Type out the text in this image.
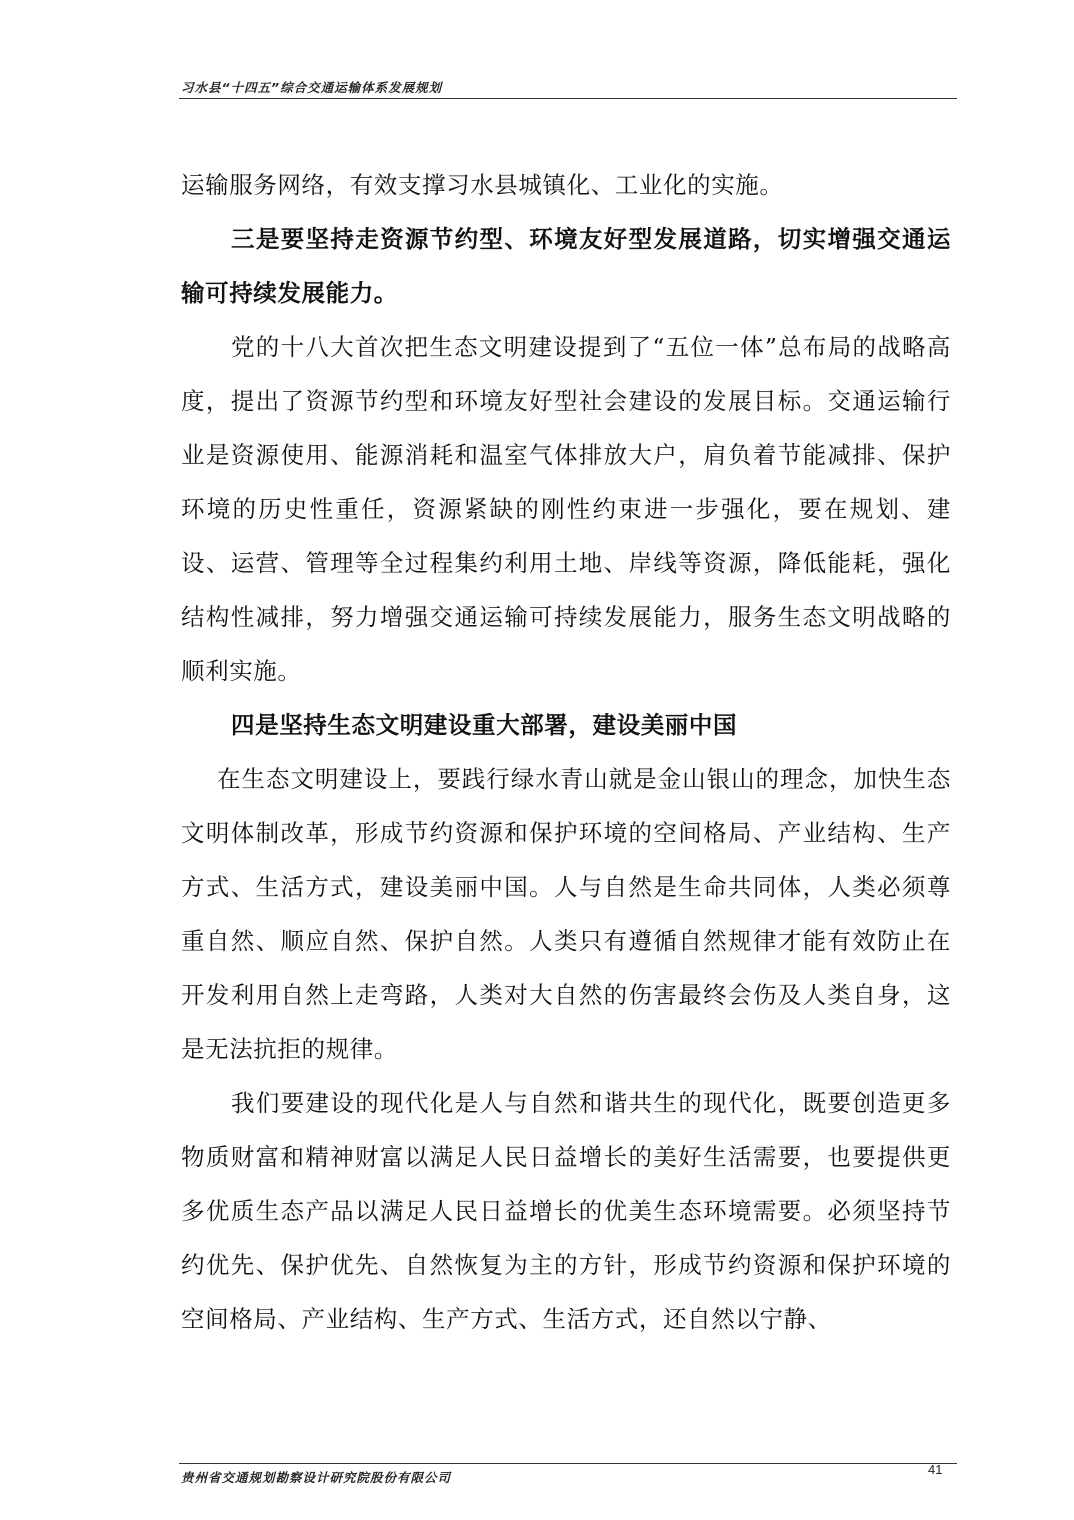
习水县“十四五”综合交通运输体系发展规划

运输服务网络，有效支撑习水县城镇化、工业化的实施。

三是要坚持走资源节约型、环境友好型发展道路，切实增强交通运输可持续发展能力。

党的十八大首次把生态文明建设提到了“五位一体”总布局的战略高度，提出了资源节约型和环境友好型社会建设的发展目标。交通运输行业是资源使用、能源消耗和温室气体排放大户，肩负着节能减排、保护环境的历史性重任，资源紧缺的刚性约束进一步强化，要在规划、建设、运营、管理等全过程集约利用土地、岸线等资源，降低能耗，强化结构性减排，努力增强交通运输可持续发展能力，服务生态文明战略的顺利实施。

四是坚持生态文明建设重大部署，建设美丽中国

在生态文明建设上，要践行绿水青山就是金山银山的理念，加快生态文明体制改革，形成节约资源和保护环境的空间格局、产业结构、生产方式、生活方式，建设美丽中国。人与自然是生命共同体，人类必须尊重自然、顺应自然、保护自然。人类只有遵循自然规律才能有效防止在开发利用自然上走弯路，人类对大自然的伤害最终会伤及人类自身，这是无法抗拒的规律。

我们要建设的现代化是人与自然和谐共生的现代化，既要创造更多物质财富和精神财富以满足人民日益增长的美好生活需要，也要提供更多优质生态产品以满足人民日益增长的优美生态环境需要。必须坚持节约优先、保护优先、自然恢复为主的方针，形成节约资源和保护环境的空间格局、产业结构、生产方式、生活方式，还自然以宁静、

贵州省交通规划勘察设计研究院股份有限公司
41
